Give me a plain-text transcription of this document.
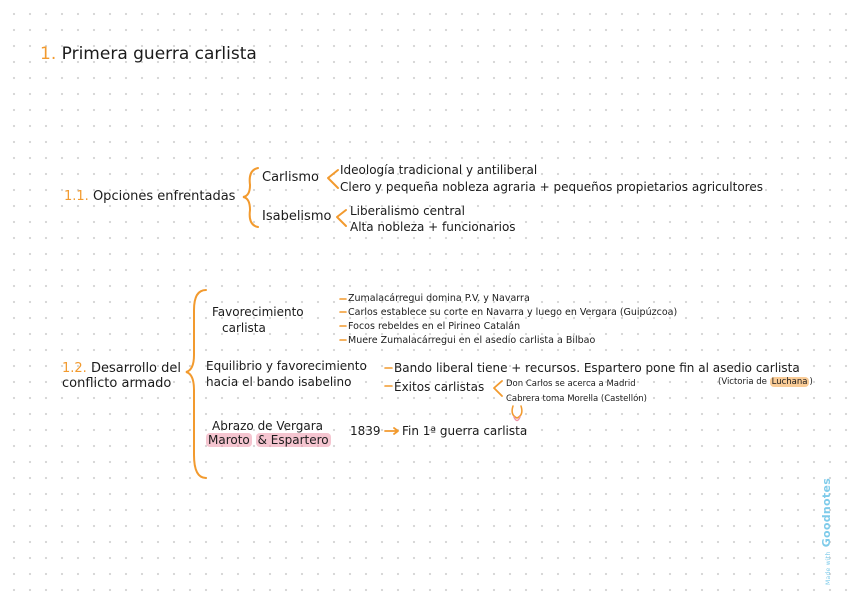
1. Primera guerra carlista
1.1. Opciones enfrentadas
Carlismo Ideología tradicional y antiliberal
Clero y pequeña nobleza agraria + pequeños propietarios agricultores
Isabelismo Liberalismo central
Alta nobleza + funcionarios
1.2. Desarrollo del
conflicto armado
Favorecimiento
carlista
Zumalacárregui domina P.V. y Navarra
Carlos establece su corte en Navarra y luego en Vergara (Guipúzcoa)
Focos rebeldes en el Pirineo Catalán
Muere Zumalacárregui en el asedio carlista a Bilbao
Equilibrio y favorecimiento
hacia el bando isabelino
Bando liberal tiene + recursos. Espartero pone fin al asedio carlista
(Victoria de Luchana )
Éxitos carlistas	Don Carlos se acerca a Madrid
Cabrera toma Morella (Castellón)
Abrazo de Vergara
Maroto & Espartero
1839 Fin 1ª guerra carlista
Made withGoodnotes
